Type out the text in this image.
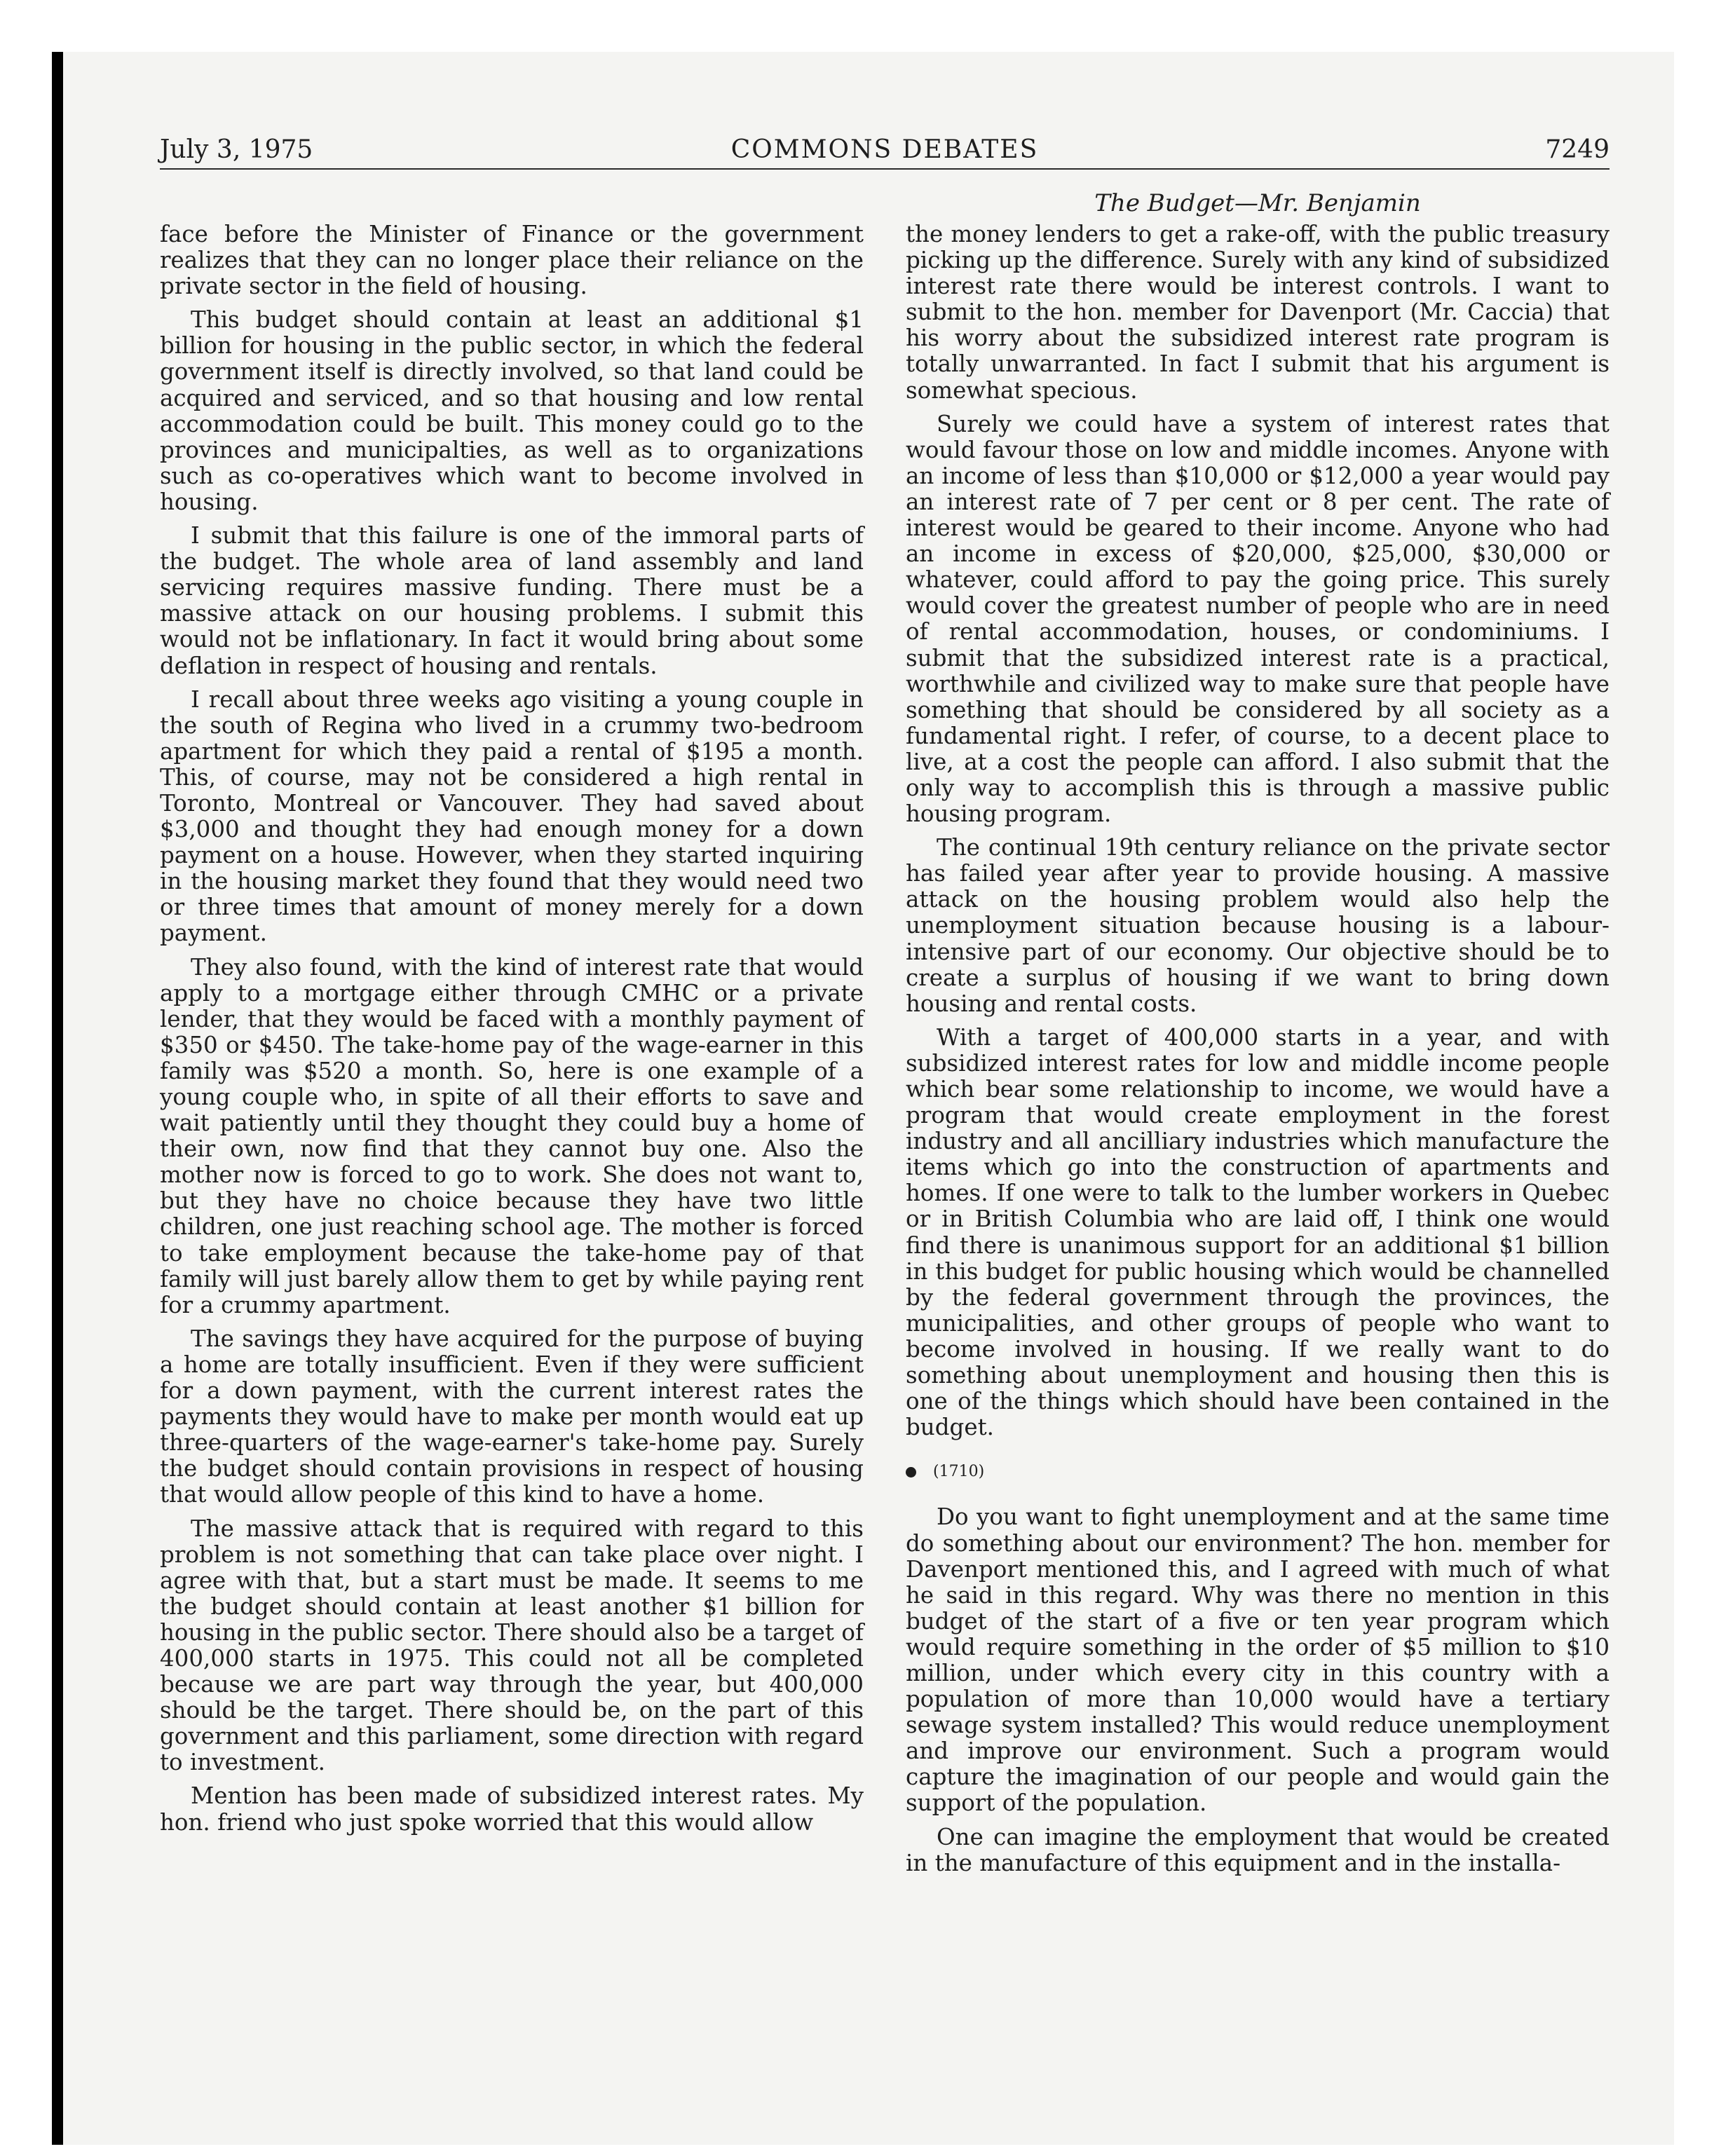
July 3, 1975	COMMONS DEBATES	7249
The Budget—Mr. Benjamin

face before the Minister of Finance or the government realizes that they can no longer place their reliance on the private sector in the field of housing.

This budget should contain at least an additional $1 billion for housing in the public sector, in which the federal government itself is directly involved, so that land could be acquired and serviced, and so that housing and low rental accommodation could be built. This money could go to the provinces and municipalties, as well as to organizations such as co-operatives which want to become involved in housing.

I submit that this failure is one of the immoral parts of the budget. The whole area of land assembly and land servicing requires massive funding. There must be a massive attack on our housing problems. I submit this would not be inflationary. In fact it would bring about some deflation in respect of housing and rentals.

I recall about three weeks ago visiting a young couple in the south of Regina who lived in a crummy two-bedroom apartment for which they paid a rental of $195 a month. This, of course, may not be considered a high rental in Toronto, Montreal or Vancouver. They had saved about $3,000 and thought they had enough money for a down payment on a house. However, when they started inquiring in the housing market they found that they would need two or three times that amount of money merely for a down payment.

They also found, with the kind of interest rate that would apply to a mortgage either through CMHC or a private lender, that they would be faced with a monthly payment of $350 or $450. The take-home pay of the wage-earner in this family was $520 a month. So, here is one example of a young couple who, in spite of all their efforts to save and wait patiently until they thought they could buy a home of their own, now find that they cannot buy one. Also the mother now is forced to go to work. She does not want to, but they have no choice because they have two little children, one just reaching school age. The mother is forced to take employment because the take-home pay of that family will just barely allow them to get by while paying rent for a crummy apartment.

The savings they have acquired for the purpose of buying a home are totally insufficient. Even if they were sufficient for a down payment, with the current interest rates the payments they would have to make per month would eat up three-quarters of the wage-earner's take-home pay. Surely the budget should contain provisions in respect of housing that would allow people of this kind to have a home.

The massive attack that is required with regard to this problem is not something that can take place over night. I agree with that, but a start must be made. It seems to me the budget should contain at least another $1 billion for housing in the public sector. There should also be a target of 400,000 starts in 1975. This could not all be completed because we are part way through the year, but 400,000 should be the target. There should be, on the part of this government and this parliament, some direction with regard to investment.

Mention has been made of subsidized interest rates. My hon. friend who just spoke worried that this would allow

the money lenders to get a rake-off, with the public treasury picking up the difference. Surely with any kind of subsidized interest rate there would be interest controls. I want to submit to the hon. member for Davenport (Mr. Caccia) that his worry about the subsidized interest rate program is totally unwarranted. In fact I submit that his argument is somewhat specious.

Surely we could have a system of interest rates that would favour those on low and middle incomes. Anyone with an income of less than $10,000 or $12,000 a year would pay an interest rate of 7 per cent or 8 per cent. The rate of interest would be geared to their income. Anyone who had an income in excess of $20,000, $25,000, $30,000 or whatever, could afford to pay the going price. This surely would cover the greatest number of people who are in need of rental accommodation, houses, or condominiums. I submit that the subsidized interest rate is a practical, worthwhile and civilized way to make sure that people have something that should be considered by all society as a fundamental right. I refer, of course, to a decent place to live, at a cost the people can afford. I also submit that the only way to accomplish this is through a massive public housing program.

The continual 19th century reliance on the private sector has failed year after year to provide housing. A massive attack on the housing problem would also help the unemployment situation because housing is a labour-intensive part of our economy. Our objective should be to create a surplus of housing if we want to bring down housing and rental costs.

With a target of 400,000 starts in a year, and with subsidized interest rates for low and middle income people which bear some relationship to income, we would have a program that would create employment in the forest industry and all ancilliary industries which manufacture the items which go into the construction of apartments and homes. If one were to talk to the lumber workers in Quebec or in British Columbia who are laid off, I think one would find there is unanimous support for an additional $1 billion in this budget for public housing which would be channelled by the federal government through the provinces, the municipalities, and other groups of people who want to become involved in housing. If we really want to do something about unemployment and housing then this is one of the things which should have been contained in the budget.

(1710)

Do you want to fight unemployment and at the same time do something about our environment? The hon. member for Davenport mentioned this, and I agreed with much of what he said in this regard. Why was there no mention in this budget of the start of a five or ten year program which would require something in the order of $5 million to $10 million, under which every city in this country with a population of more than 10,000 would have a tertiary sewage system installed? This would reduce unemployment and improve our environment. Such a program would capture the imagination of our people and would gain the support of the population.

One can imagine the employment that would be created in the manufacture of this equipment and in the installa-
